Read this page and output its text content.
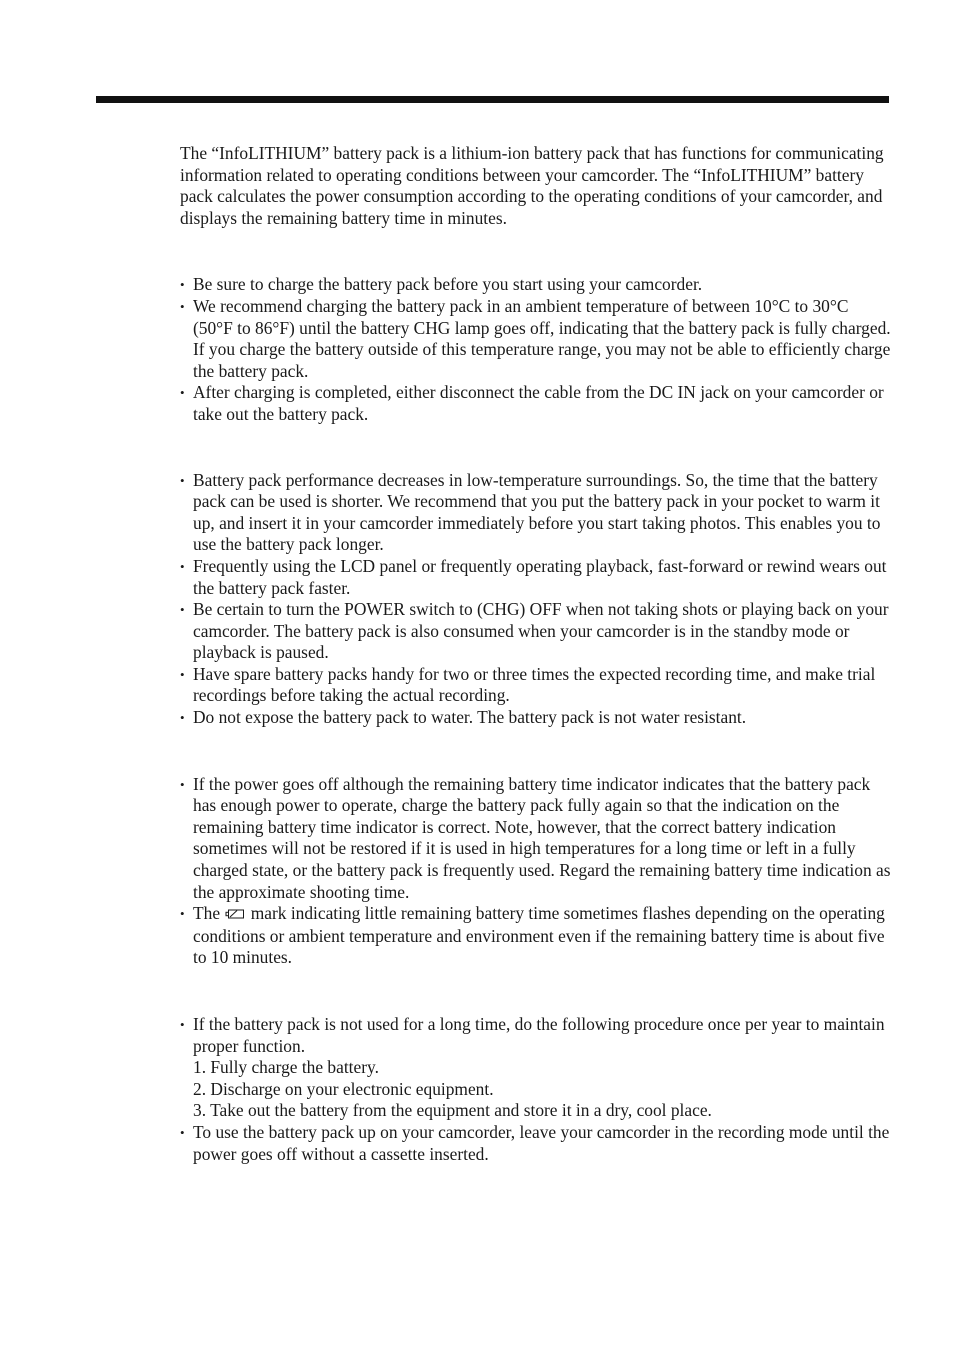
The “InfoLITHIUM” battery pack is a lithium-ion battery pack that has functions for communicating information related to operating conditions between your camcorder. The “InfoLITHIUM” battery pack calculates the power consumption according to the operating conditions of your camcorder, and displays the remaining battery time in minutes.

• Be sure to charge the battery pack before you start using your camcorder.

• We recommend charging the battery pack in an ambient temperature of between 10°C to 30°C (50°F to 86°F) until the battery CHG lamp goes off, indicating that the battery pack is fully charged. If you charge the battery outside of this temperature range, you may not be able to efficiently charge the battery pack.

• After charging is completed, either disconnect the cable from the DC IN jack on your camcorder or take out the battery pack.

• Battery pack performance decreases in low-temperature surroundings. So, the time that the battery pack can be used is shorter. We recommend that you put the battery pack in your pocket to warm it up, and insert it in your camcorder immediately before you start taking photos. This enables you to use the battery pack longer.

• Frequently using the LCD panel or frequently operating playback, fast-forward or rewind wears out the battery pack faster.

• Be certain to turn the POWER switch to (CHG) OFF when not taking shots or playing back on your camcorder. The battery pack is also consumed when your camcorder is in the standby mode or playback is paused.

• Have spare battery packs handy for two or three times the expected recording time, and make trial recordings before taking the actual recording.

• Do not expose the battery pack to water. The battery pack is not water resistant.

• If the power goes off although the remaining battery time indicator indicates that the battery pack has enough power to operate, charge the battery pack fully again so that the indication on the remaining battery time indicator is correct. Note, however, that the correct battery indication sometimes will not be restored if it is used in high temperatures for a long time or left in a fully charged state, or the battery pack is frequently used. Regard the remaining battery time indication as the approximate shooting time.

• The  mark indicating little remaining battery time sometimes flashes depending on the operating conditions or ambient temperature and environment even if the remaining battery time is about five to 10 minutes.

• If the battery pack is not used for a long time, do the following procedure once per year to maintain proper function.

1. Fully charge the battery.

2. Discharge on your electronic equipment.

3. Take out the battery from the equipment and store it in a dry, cool place.

• To use the battery pack up on your camcorder, leave your camcorder in the recording mode until the power goes off without a cassette inserted.
